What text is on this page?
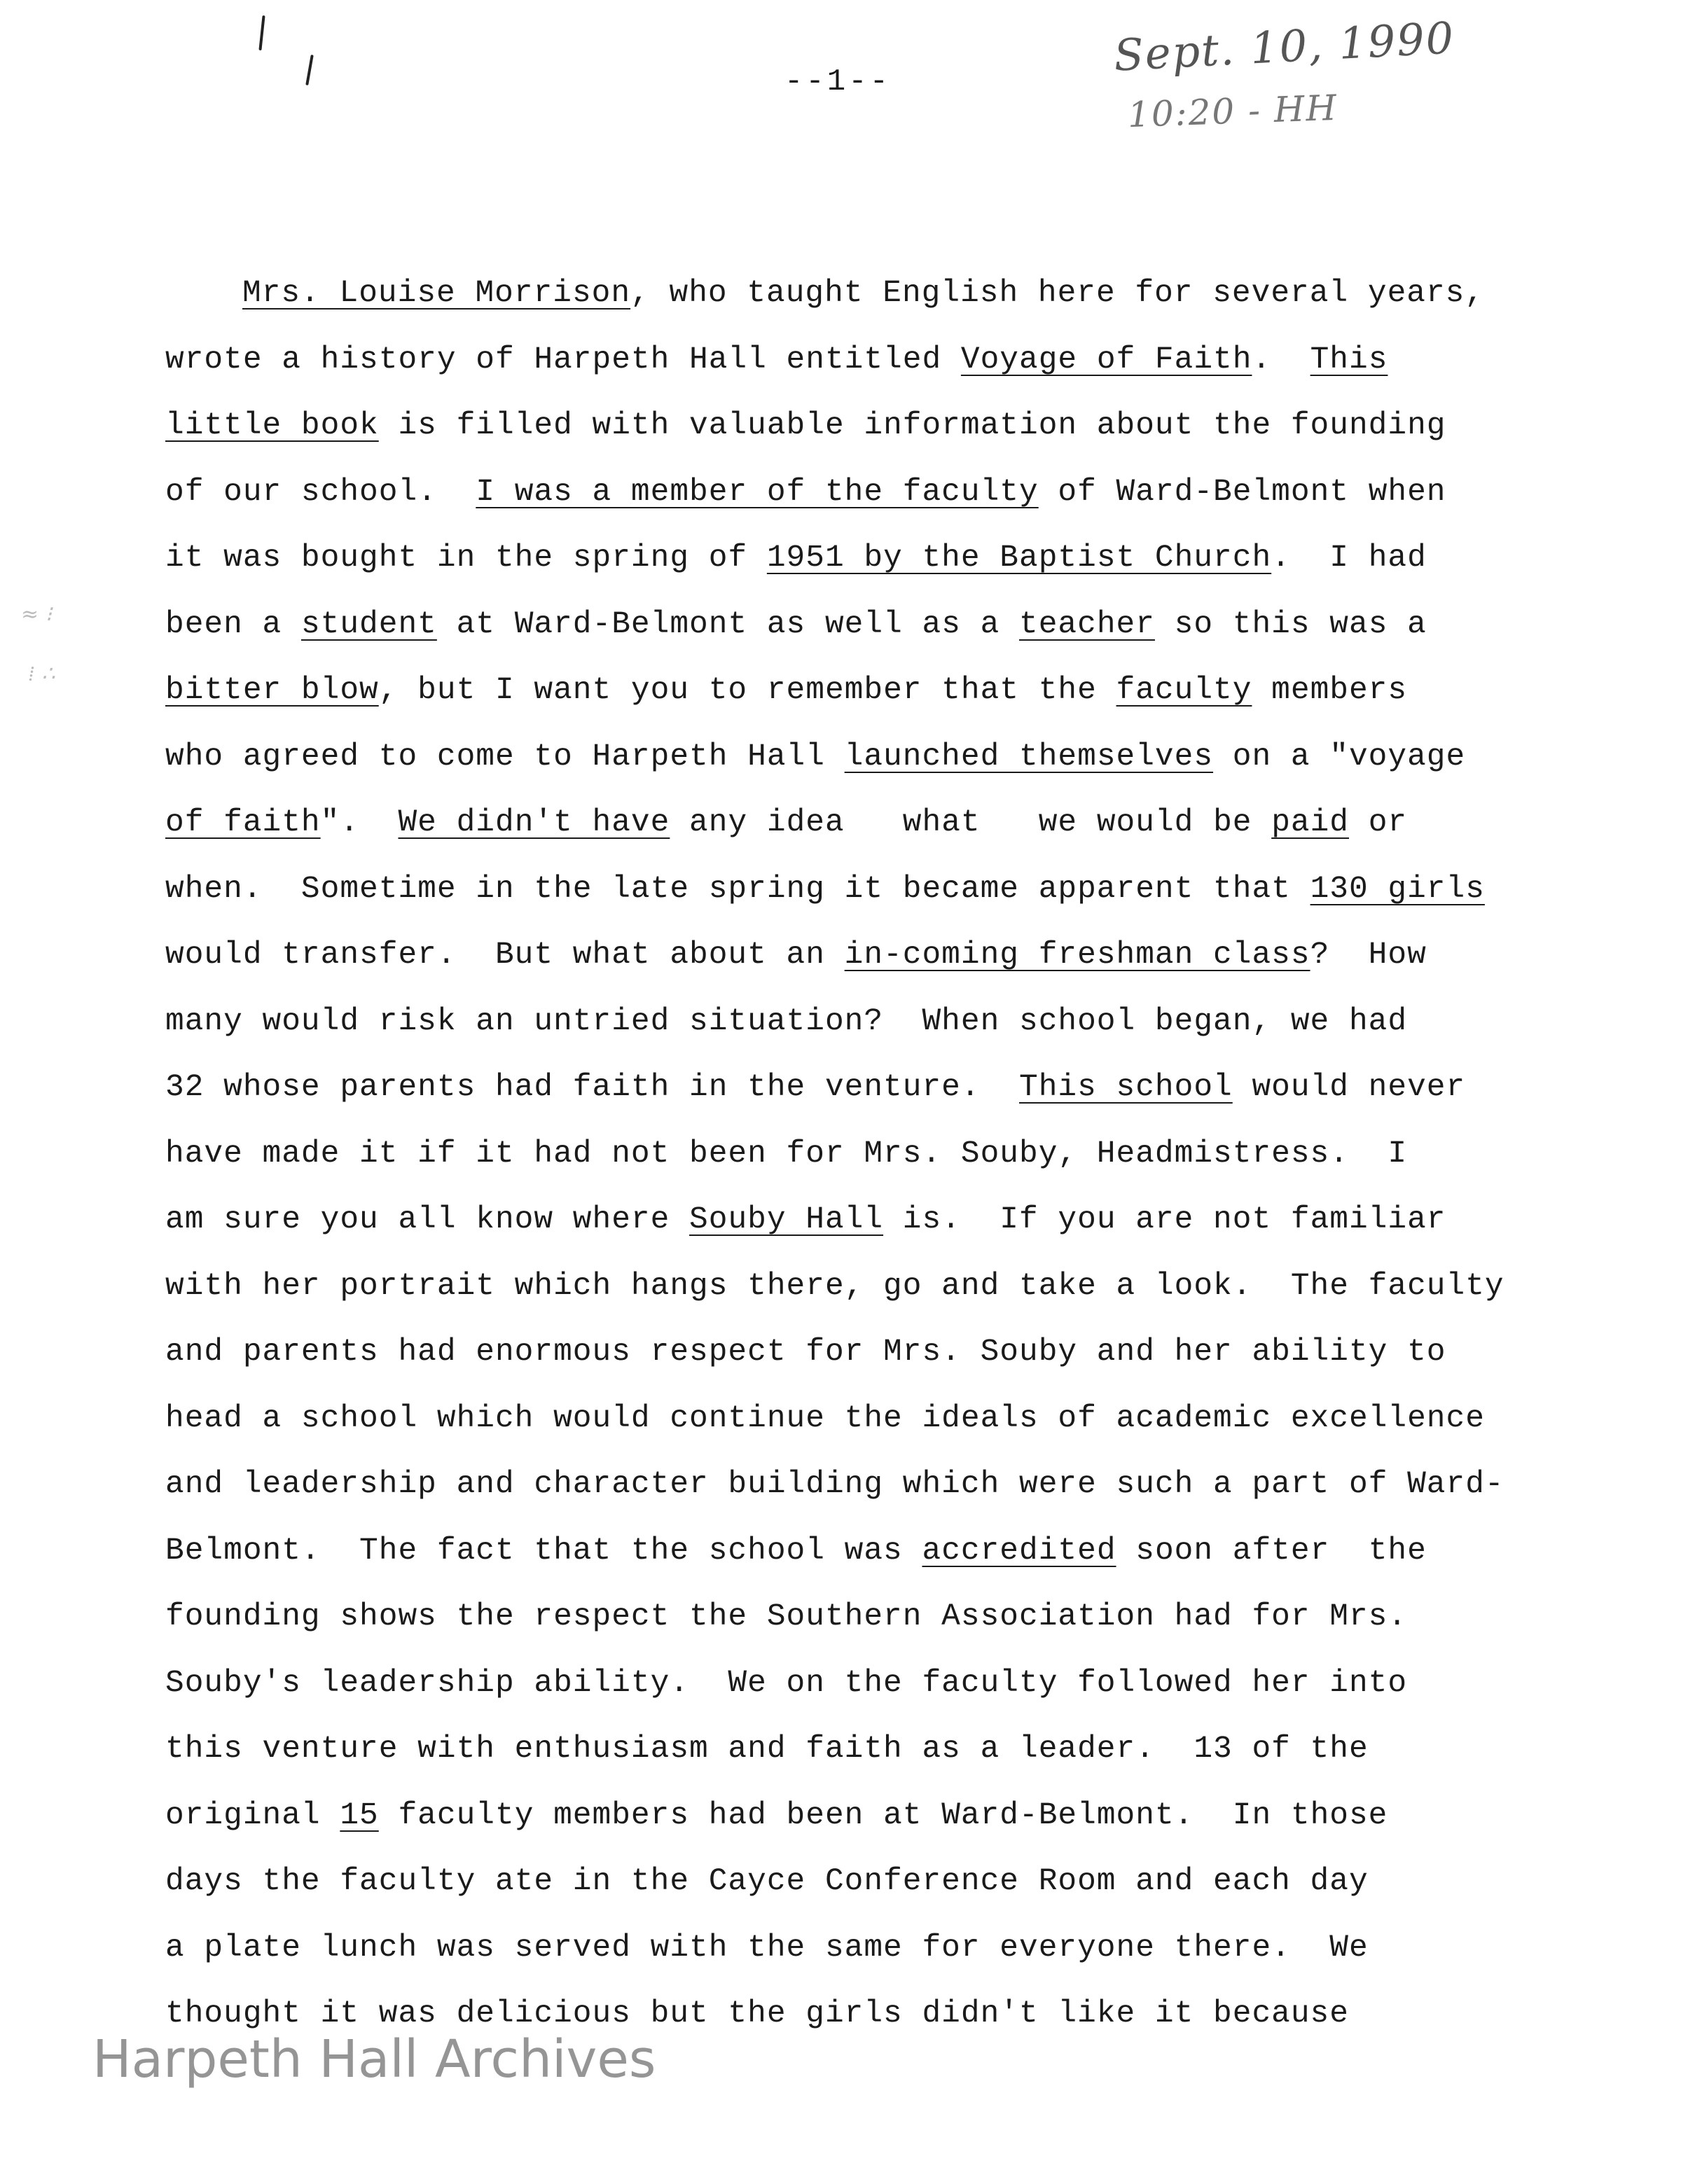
Sept. 10, 1990
10:20 - HH
≈ ⁝
⁞ ∴
--1--
Mrs. Louise Morrison, who taught English here for several years,
wrote a history of Harpeth Hall entitled Voyage of Faith.  This
little book is filled with valuable information about the founding
of our school.  I was a member of the faculty of Ward-Belmont when
it was bought in the spring of 1951 by the Baptist Church.  I had
been a student at Ward-Belmont as well as a teacher so this was a
bitter blow, but I want you to remember that the faculty members
who agreed to come to Harpeth Hall launched themselves on a "voyage
of faith".  We didn't have any idea   what   we would be paid or
when.  Sometime in the late spring it became apparent that 130 girls
would transfer.  But what about an in-coming freshman class?  How
many would risk an untried situation?  When school began, we had
32 whose parents had faith in the venture.  This school would never
have made it if it had not been for Mrs. Souby, Headmistress.  I
am sure you all know where Souby Hall is.  If you are not familiar
with her portrait which hangs there, go and take a look.  The faculty
and parents had enormous respect for Mrs. Souby and her ability to
head a school which would continue the ideals of academic excellence
and leadership and character building which were such a part of Ward-
Belmont.  The fact that the school was accredited soon after  the
founding shows the respect the Southern Association had for Mrs.
Souby's leadership ability.  We on the faculty followed her into
this venture with enthusiasm and faith as a leader.  13 of the
original 15 faculty members had been at Ward-Belmont.  In those
days the faculty ate in the Cayce Conference Room and each day
a plate lunch was served with the same for everyone there.  We
thought it was delicious but the girls didn't like it because
Harpeth Hall Archives
